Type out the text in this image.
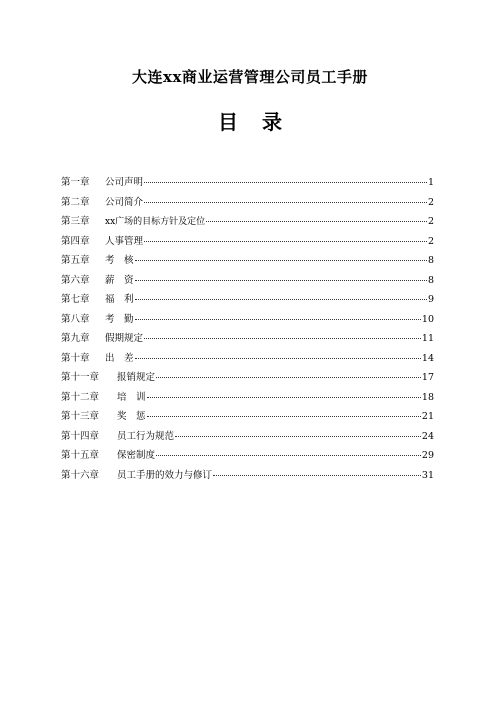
大连xx商业运营管理公司员工手册
目 录
第一章	公司声明	1
第二章	公司简介	2
第三章	xx广场的目标方针及定位	2
第四章	人事管理	2
第五章	考　核	8
第六章	薪　资	8
第七章	福　利	9
第八章	考　勤	10
第九章	假期规定	11
第十章	出　差	14
第十一章	报销规定	17
第十二章	培　训	18
第十三章	奖　惩	21
第十四章	员工行为规范	24
第十五章	保密制度	29
第十六章	员工手册的效力与修订	31
